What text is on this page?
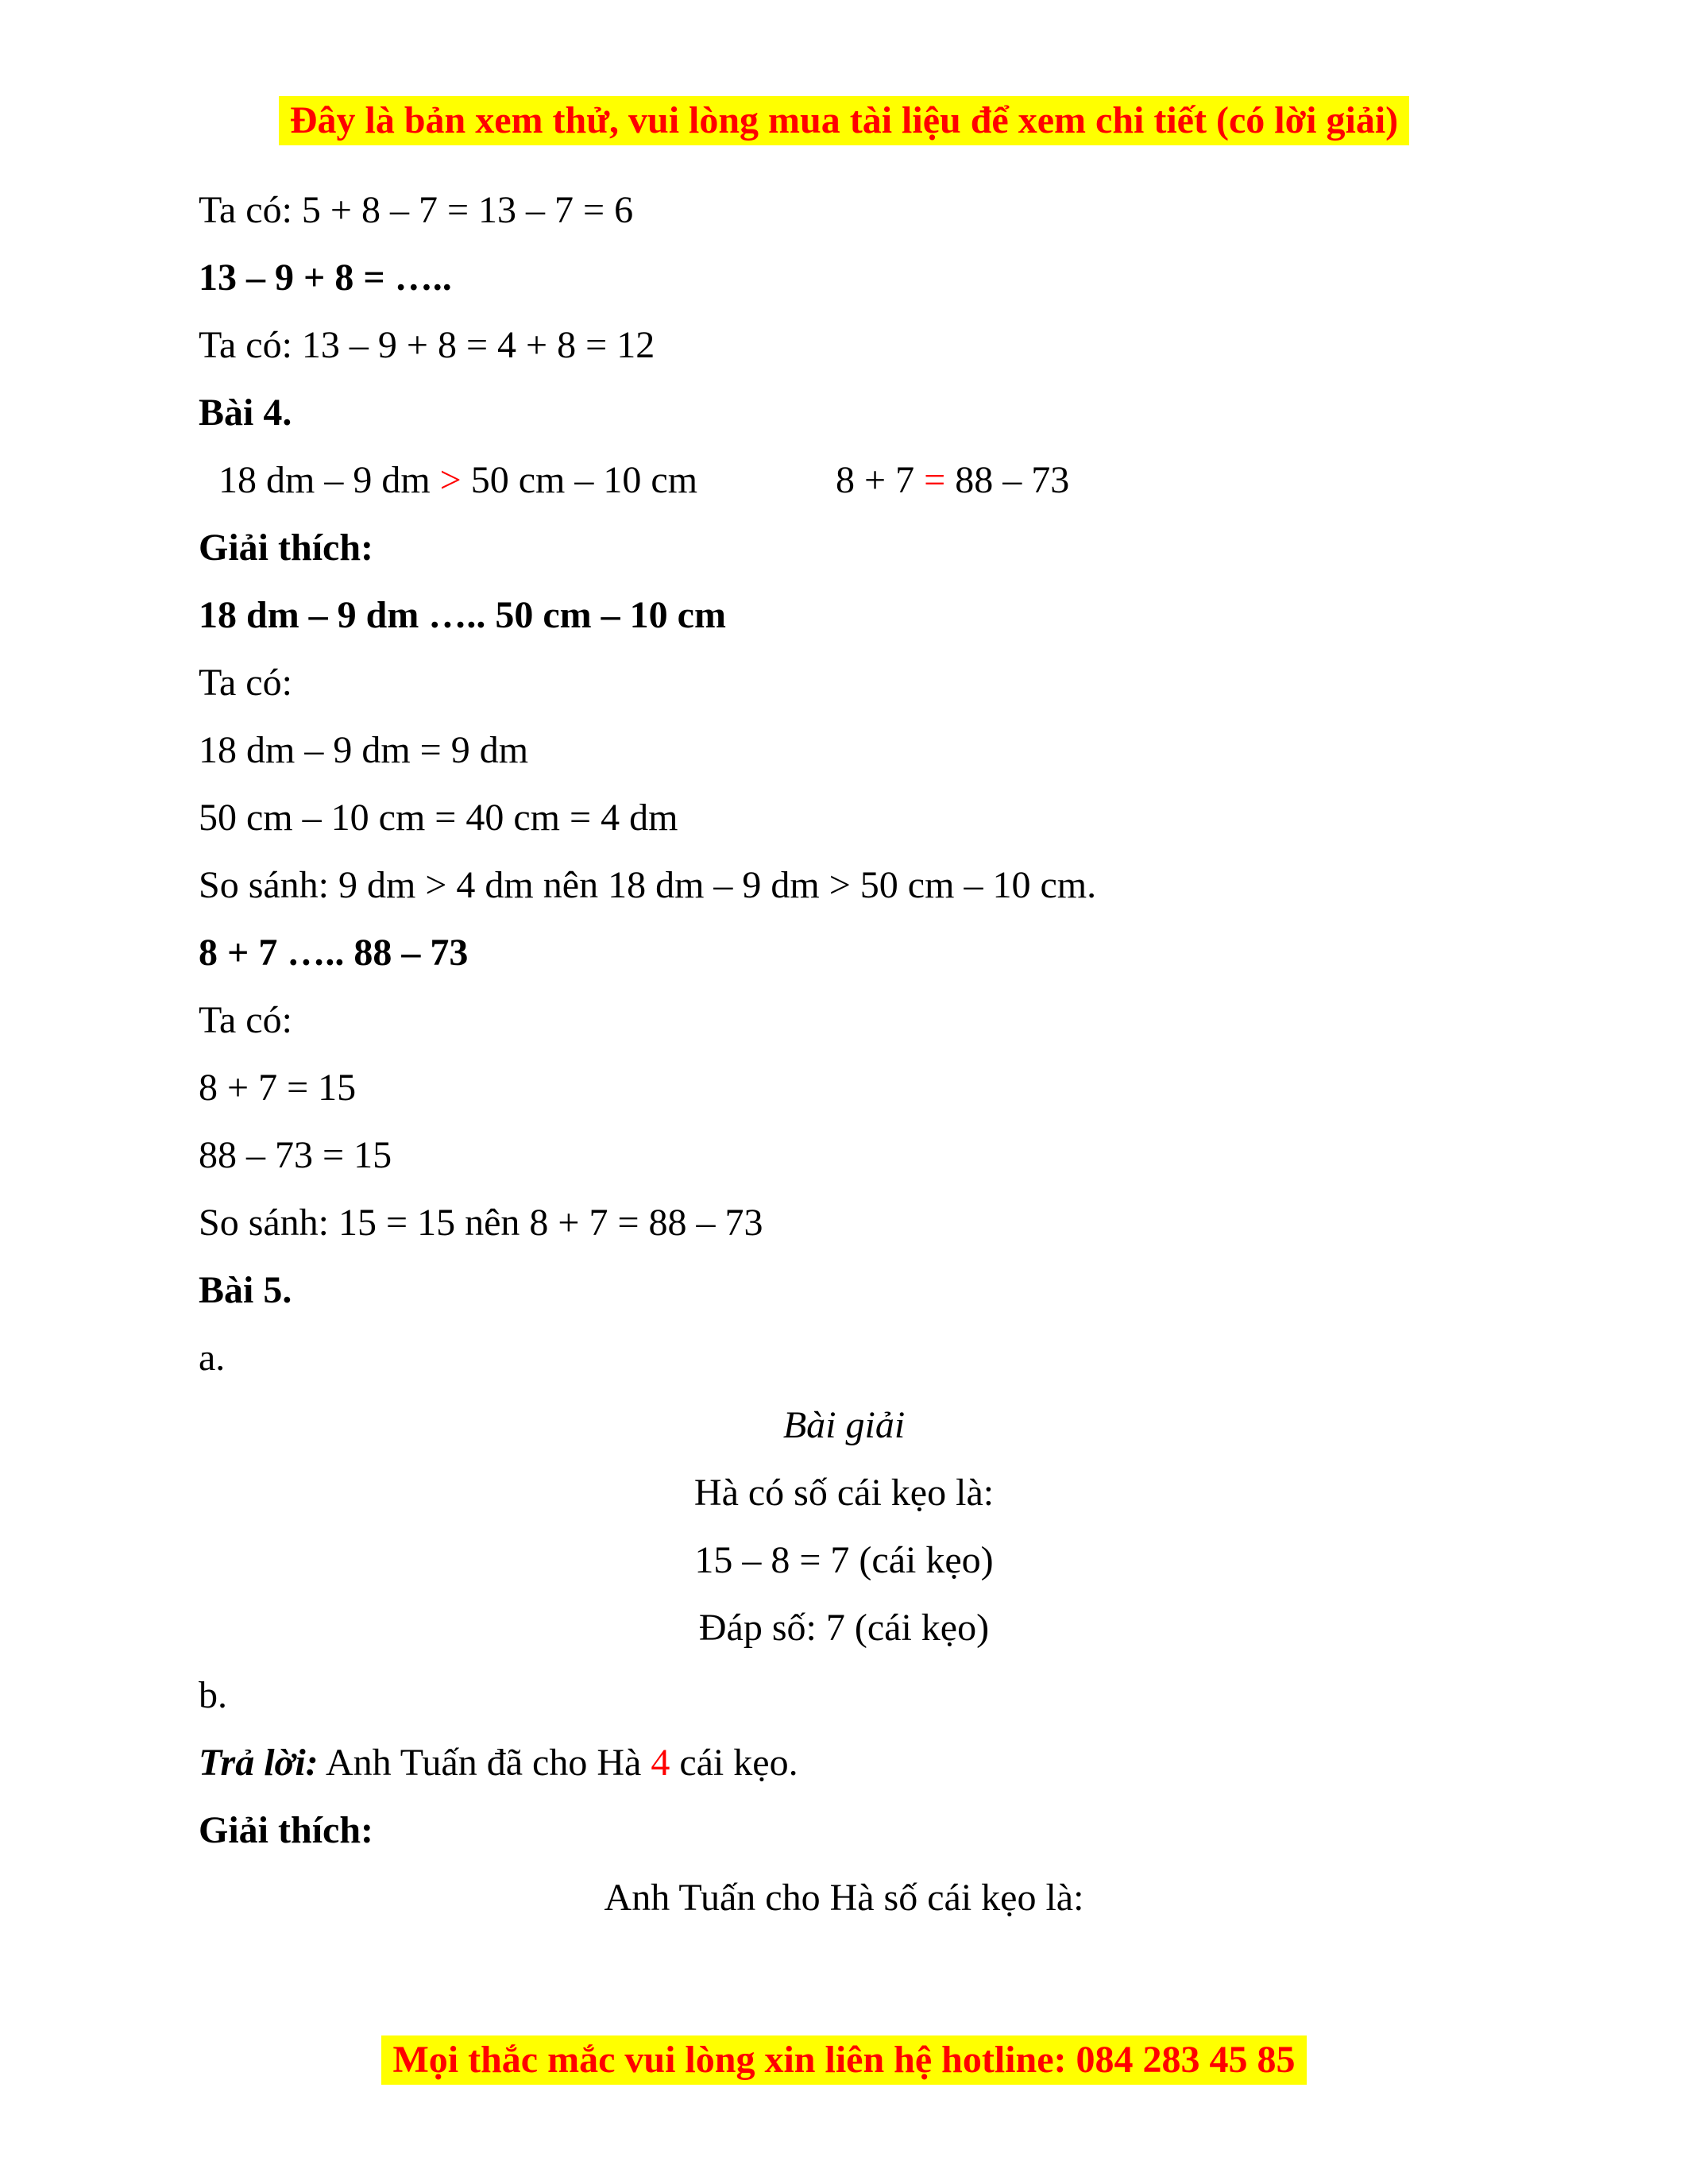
Đây là bản xem thử, vui lòng mua tài liệu để xem chi tiết (có lời giải)

Ta có: 5 + 8 – 7 = 13 – 7 = 6

13 – 9 + 8 = …..

Ta có: 13 – 9 + 8 = 4 + 8 = 12

Bài 4.

18 dm – 9 dm > 50 cm – 10 cm	8 + 7 = 88 – 73

Giải thích:

18 dm – 9 dm ….. 50 cm – 10 cm

Ta có:

18 dm – 9 dm = 9 dm

50 cm – 10 cm = 40 cm = 4 dm

So sánh: 9 dm > 4 dm nên 18 dm – 9 dm > 50 cm – 10 cm.

8 + 7 ….. 88 – 73

Ta có:

8 + 7 = 15

88 – 73 = 15

So sánh: 15 = 15 nên 8 + 7 = 88 – 73

Bài 5.

a.

Bài giải

Hà có số cái kẹo là:

15 – 8 = 7 (cái kẹo)

Đáp số: 7 (cái kẹo)

b.

Trả lời: Anh Tuấn đã cho Hà 4 cái kẹo.

Giải thích:

Anh Tuấn cho Hà số cái kẹo là:

Mọi thắc mắc vui lòng xin liên hệ hotline: 084 283 45 85
